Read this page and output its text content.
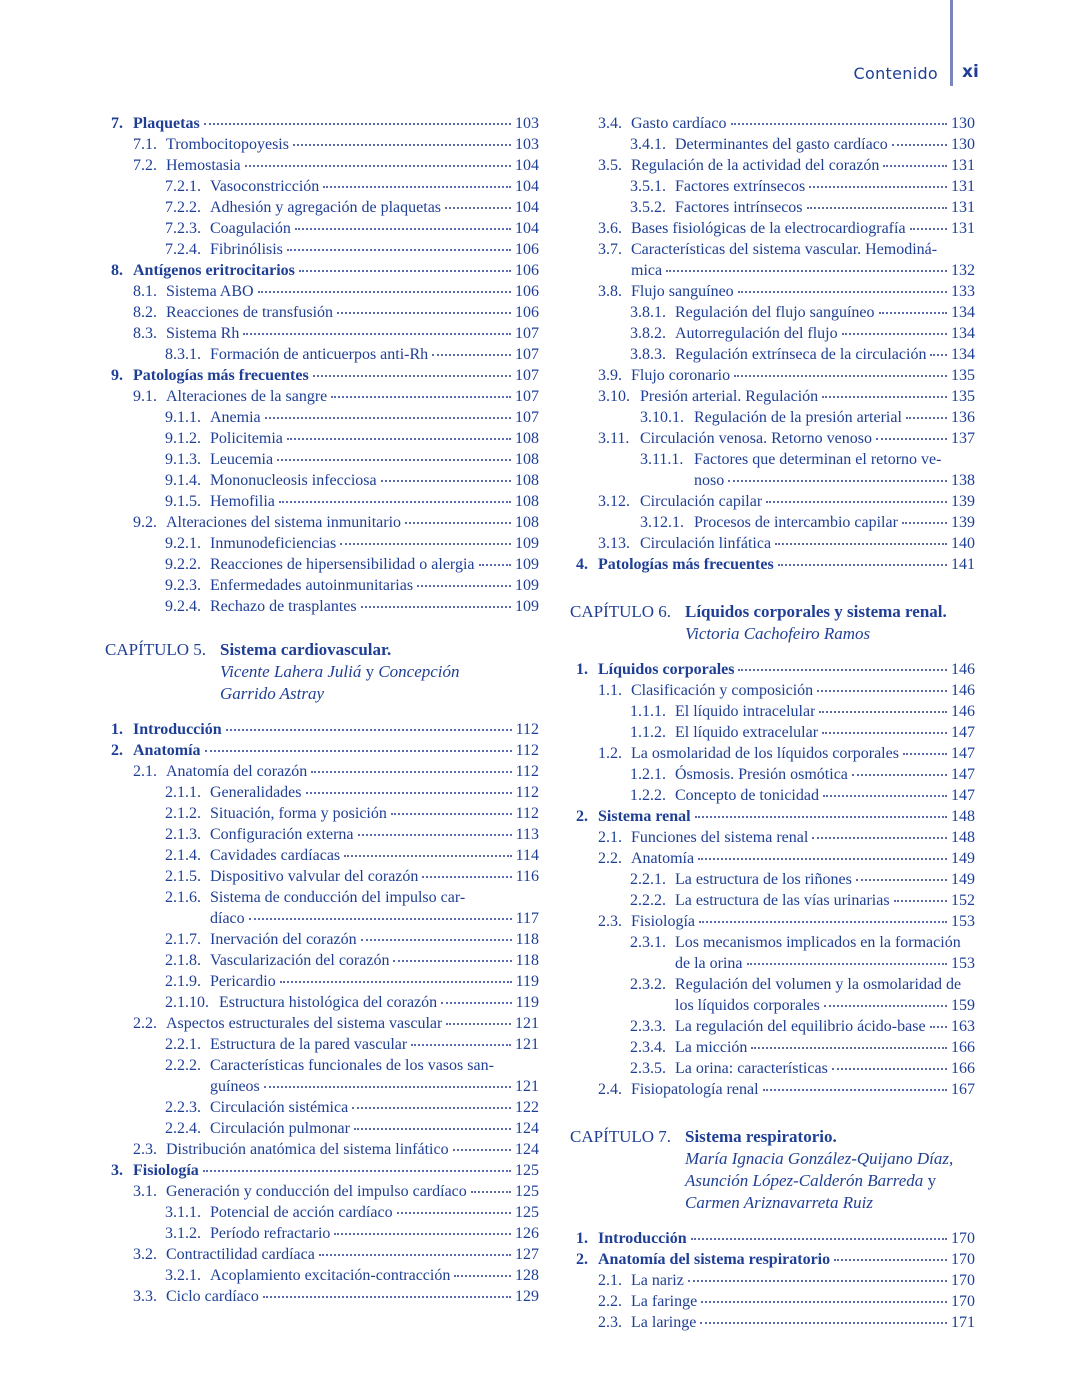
Contenido xi
7. Plaquetas	103
7.1. Trombocitopoyesis	103
7.2. Hemostasia	104
7.2.1. Vasoconstricción	104
7.2.2. Adhesión y agregación de plaquetas	104
7.2.3. Coagulación	104
7.2.4. Fibrinólisis	106
8. Antígenos eritrocitarios	106
8.1. Sistema ABO	106
8.2. Reacciones de transfusión	106
8.3. Sistema Rh	107
8.3.1. Formación de anticuerpos anti-Rh	107
9. Patologías más frecuentes	107
9.1. Alteraciones de la sangre	107
9.1.1. Anemia	107
9.1.2. Policitemia	108
9.1.3. Leucemia	108
9.1.4. Mononucleosis infecciosa	108
9.1.5. Hemofilia	108
9.2. Alteraciones del sistema inmunitario	108
9.2.1. Inmunodeficiencias	109
9.2.2. Reacciones de hipersensibilidad o alergia	109
9.2.3. Enfermedades autoinmunitarias	109
9.2.4. Rechazo de trasplantes	109
CAPÍTULO 5. Sistema cardiovascular.
Vicente Lahera Juliá y Concepción
Garrido Astray
1. Introducción	112
2. Anatomía	112
2.1. Anatomía del corazón	112
2.1.1. Generalidades	112
2.1.2. Situación, forma y posición	112
2.1.3. Configuración externa	113
2.1.4. Cavidades cardíacas	114
2.1.5. Dispositivo valvular del corazón	116
2.1.6. Sistema de conducción del impulso car-
díaco	117
2.1.7. Inervación del corazón	118
2.1.8. Vascularización del corazón	118
2.1.9. Pericardio	119
2.1.10. Estructura histológica del corazón	119
2.2. Aspectos estructurales del sistema vascular	121
2.2.1. Estructura de la pared vascular	121
2.2.2. Características funcionales de los vasos san-
guíneos	121
2.2.3. Circulación sistémica	122
2.2.4. Circulación pulmonar	124
2.3. Distribución anatómica del sistema linfático	124
3. Fisiología	125
3.1. Generación y conducción del impulso cardíaco	125
3.1.1. Potencial de acción cardíaco	125
3.1.2. Período refractario	126
3.2. Contractilidad cardíaca	127
3.2.1. Acoplamiento excitación-contracción	128
3.3. Ciclo cardíaco	129
3.4. Gasto cardíaco	130
3.4.1. Determinantes del gasto cardíaco	130
3.5. Regulación de la actividad del corazón	131
3.5.1. Factores extrínsecos	131
3.5.2. Factores intrínsecos	131
3.6. Bases fisiológicas de la electrocardiografía	131
3.7. Características del sistema vascular. Hemodiná-
mica	132
3.8. Flujo sanguíneo	133
3.8.1. Regulación del flujo sanguíneo	134
3.8.2. Autorregulación del flujo	134
3.8.3. Regulación extrínseca de la circulación 134
3.9. Flujo coronario	135
3.10. Presión arterial. Regulación	135
3.10.1. Regulación de la presión arterial	136
3.11. Circulación venosa. Retorno venoso	137
3.11.1. Factores que determinan el retorno ve-
noso	138
3.12. Circulación capilar	139
3.12.1. Procesos de intercambio capilar	139
3.13. Circulación linfática	140
4. Patologías más frecuentes	141
CAPÍTULO 6. Líquidos corporales y sistema renal.
Victoria Cachofeiro Ramos
1. Líquidos corporales	146
1.1. Clasificación y composición	146
1.1.1. El líquido intracelular	146
1.1.2. El líquido extracelular	147
1.2. La osmolaridad de los líquidos corporales	147
1.2.1. Ósmosis. Presión osmótica	147
1.2.2. Concepto de tonicidad	147
2. Sistema renal	148
2.1. Funciones del sistema renal	148
2.2. Anatomía	149
2.2.1. La estructura de los riñones	149
2.2.2. La estructura de las vías urinarias	152
2.3. Fisiología	153
2.3.1. Los mecanismos implicados en la formación
de la orina	153
2.3.2. Regulación del volumen y la osmolaridad de
los líquidos corporales	159
2.3.3. La regulación del equilibrio ácido-base 163
2.3.4. La micción	166
2.3.5. La orina: características	166
2.4. Fisiopatología renal	167
CAPÍTULO 7. Sistema respiratorio.
María Ignacia González-Quijano Díaz,
Asunción López-Calderón Barreda y
Carmen Ariznavarreta Ruiz
1. Introducción	170
2. Anatomía del sistema respiratorio	170
2.1. La nariz	170
2.2. La faringe	170
2.3. La laringe	171
